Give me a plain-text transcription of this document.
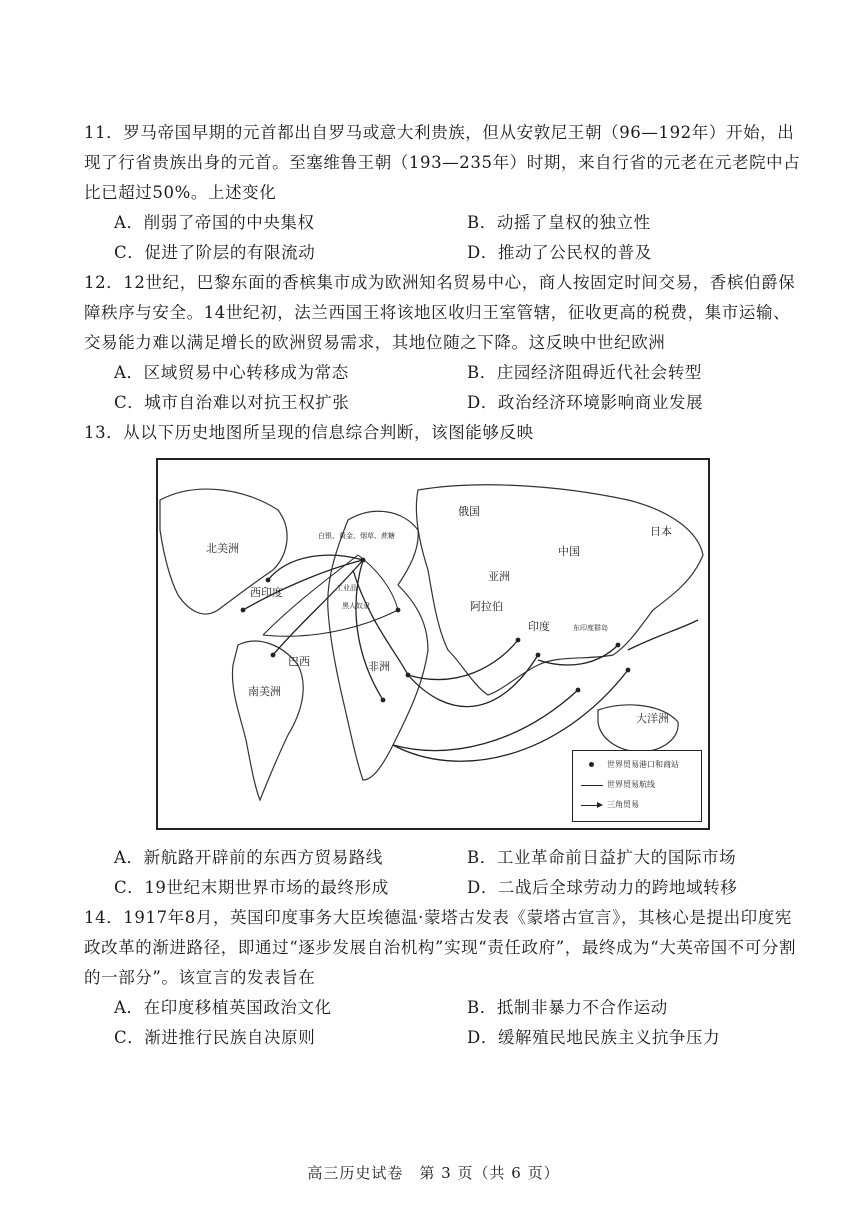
11．罗马帝国早期的元首都出自罗马或意大利贵族，但从安敦尼王朝（96—192年）开始，出现了行省贵族出身的元首。至塞维鲁王朝（193—235年）时期，来自行省的元老在元老院中占比已超过50%。上述变化
A．削弱了帝国的中央集权	B．动摇了皇权的独立性
C．促进了阶层的有限流动	D．推动了公民权的普及
12．12世纪，巴黎东面的香槟集市成为欧洲知名贸易中心，商人按固定时间交易，香槟伯爵保障秩序与安全。14世纪初，法兰西国王将该地区收归王室管辖，征收更高的税费，集市运输、交易能力难以满足增长的欧洲贸易需求，其地位随之下降。这反映中世纪欧洲
A．区域贸易中心转移成为常态	B．庄园经济阻碍近代社会转型
C．城市自治难以对抗王权扩张	D．政治经济环境影响商业发展
13．从以下历史地图所呈现的信息综合判断，该图能够反映
北美洲
西印度
南美洲
巴西	非洲
俄国
中国
亚洲
阿拉伯
印度
日本
大洋洲
白银、黄金、烟草、蔗糖
黑人奴隶
工业品
东印度群岛
世界贸易港口和商站
世界贸易航线
三角贸易
A．新航路开辟前的东西方贸易路线	B．工业革命前日益扩大的国际市场
C．19世纪末期世界市场的最终形成	D．二战后全球劳动力的跨地域转移
14．1917年8月，英国印度事务大臣埃德温·蒙塔古发表《蒙塔古宣言》，其核心是提出印度宪政改革的渐进路径，即通过“逐步发展自治机构”实现“责任政府”，最终成为“大英帝国不可分割的一部分”。该宣言的发表旨在
A．在印度移植英国政治文化	B．抵制非暴力不合作运动
C．渐进推行民族自决原则	D．缓解殖民地民族主义抗争压力
高三历史试卷　第 3 页（共 6 页）
